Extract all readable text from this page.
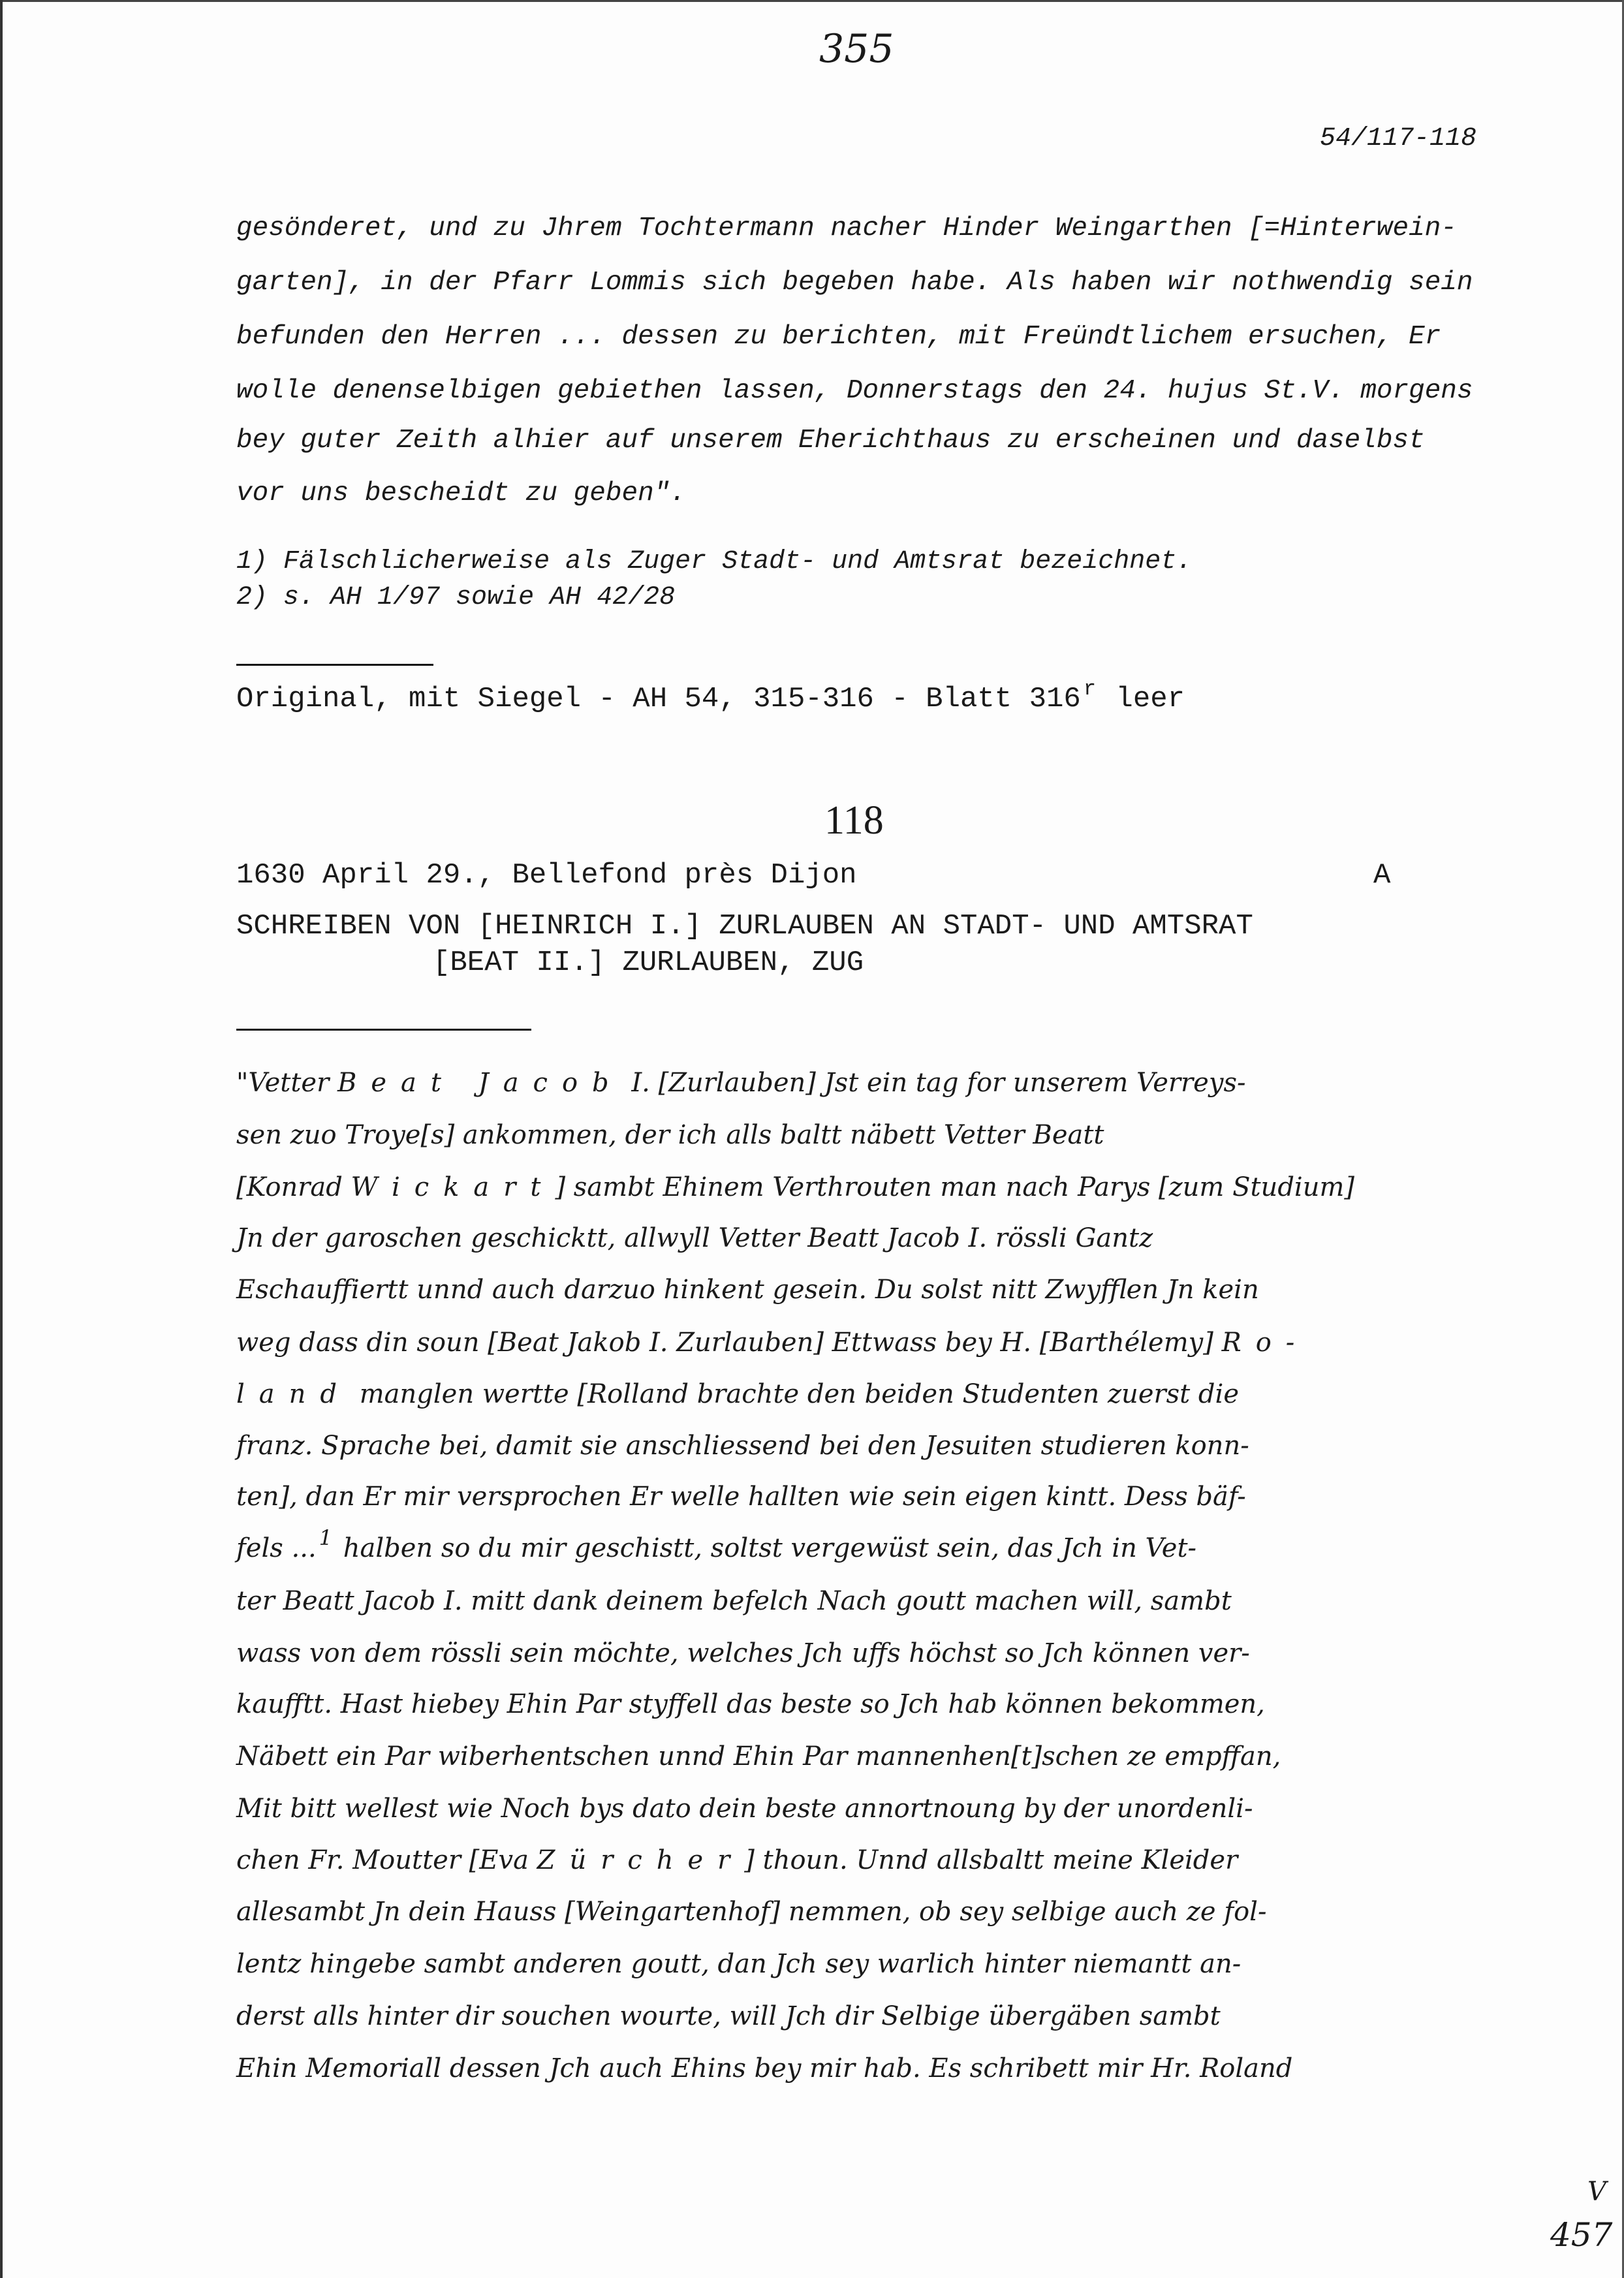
355
54/117-118
gesönderet, und zu Jhrem Tochtermann nacher Hinder Weingarthen [=Hinterwein-
garten], in der Pfarr Lommis sich begeben habe. Als haben wir nothwendig sein
befunden den Herren ... dessen zu berichten, mit Freündtlichem ersuchen, Er
wolle denenselbigen gebiethen lassen, Donnerstags den 24. hujus St.V. morgens
bey guter Zeith alhier auf unserem Eherichthaus zu erscheinen und daselbst
vor uns bescheidt zu geben".
1) Fälschlicherweise als Zuger Stadt- und Amtsrat bezeichnet.
2) s. AH 1/97 sowie AH 42/28
Original, mit Siegel - AH 54, 315-316 - Blatt 316 $^r$ leer
118
1630 April 29., Bellefond près Dijon	A
SCHREIBEN VON [HEINRICH I.] ZURLAUBEN AN STADT- UND AMTSRAT
[BEAT II.] ZURLAUBEN, ZUG
"Vetter Beat Jacob I. [Zurlauben] Jst ein tag for unserem Verreys-
sen zuo Troye[s] ankommen, der ich alls baltt näbett Vetter Beatt
[Konrad Wickart] sambt Ehinem Verthrouten man nach Parys [zum Studium]
Jn der garoschen geschicktt, allwyll Vetter Beatt Jacob I. rössli Gantz
Eschauffiertt unnd auch darzuo hinkent gesein. Du solst nitt Zwyfflen Jn kein
weg dass din soun [Beat Jakob I. Zurlauben] Ettwass bey H. [Barthélemy] Ro-
land manglen wertte [Rolland brachte den beiden Studenten zuerst die
franz. Sprache bei, damit sie anschliessend bei den Jesuiten studieren konn-
ten], dan Er mir versprochen Er welle hallten wie sein eigen kintt. Dess bäf-
fels ... $^1$ halben so du mir geschistt, soltst vergewüst sein, das Jch in Vet-
ter Beatt Jacob I. mitt dank deinem befelch Nach goutt machen will, sambt
wass von dem rössli sein möchte, welches Jch uffs höchst so Jch können ver-
kaufftt. Hast hiebey Ehin Par styffell das beste so Jch hab können bekommen,
Näbett ein Par wiberhentschen unnd Ehin Par mannenhen[t]schen ze empffan,
Mit bitt wellest wie Noch bys dato dein beste annortnoung by der unordenli-
chen Fr. Moutter [Eva Zürcher] thoun. Unnd allsbaltt meine Kleider
allesambt Jn dein Hauss [Weingartenhof] nemmen, ob sey selbige auch ze fol-
lentz hingebe sambt anderen goutt, dan Jch sey warlich hinter niemantt an-
derst alls hinter dir souchen wourte, will Jch dir Selbige übergäben sambt
Ehin Memoriall dessen Jch auch Ehins bey mir hab. Es schribett mir Hr. Roland
V
457
